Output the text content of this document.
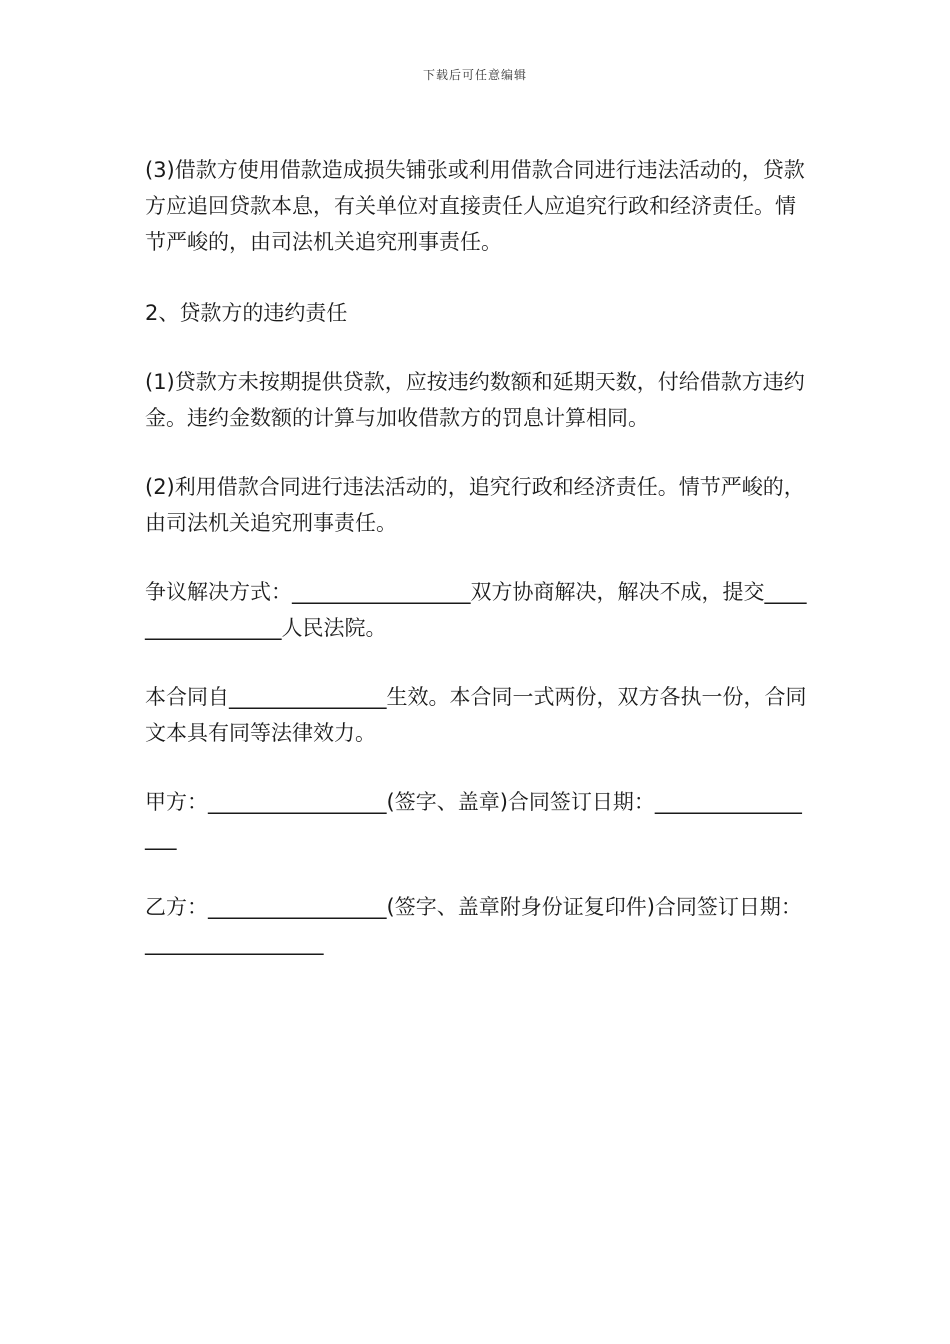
下载后可任意编辑

(3)借款方使用借款造成损失铺张或利用借款合同进行违法活动的，贷款方应追回贷款本息，有关单位对直接责任人应追究行政和经济责任。情节严峻的，由司法机关追究刑事责任。

2、贷款方的违约责任

(1)贷款方未按期提供贷款，应按违约数额和延期天数，付给借款方违约金。违约金数额的计算与加收借款方的罚息计算相同。

(2)利用借款合同进行违法活动的，追究行政和经济责任。情节严峻的，由司法机关追究刑事责任。

争议解决方式：_________________双方协商解决，解决不成，提交_________________人民法院。

本合同自_______________生效。本合同一式两份，双方各执一份，合同文本具有同等法律效力。

甲方：_________________(签字、盖章)合同签订日期：_________________

乙方：_________________(签字、盖章附身份证复印件)合同签订日期：_________________
